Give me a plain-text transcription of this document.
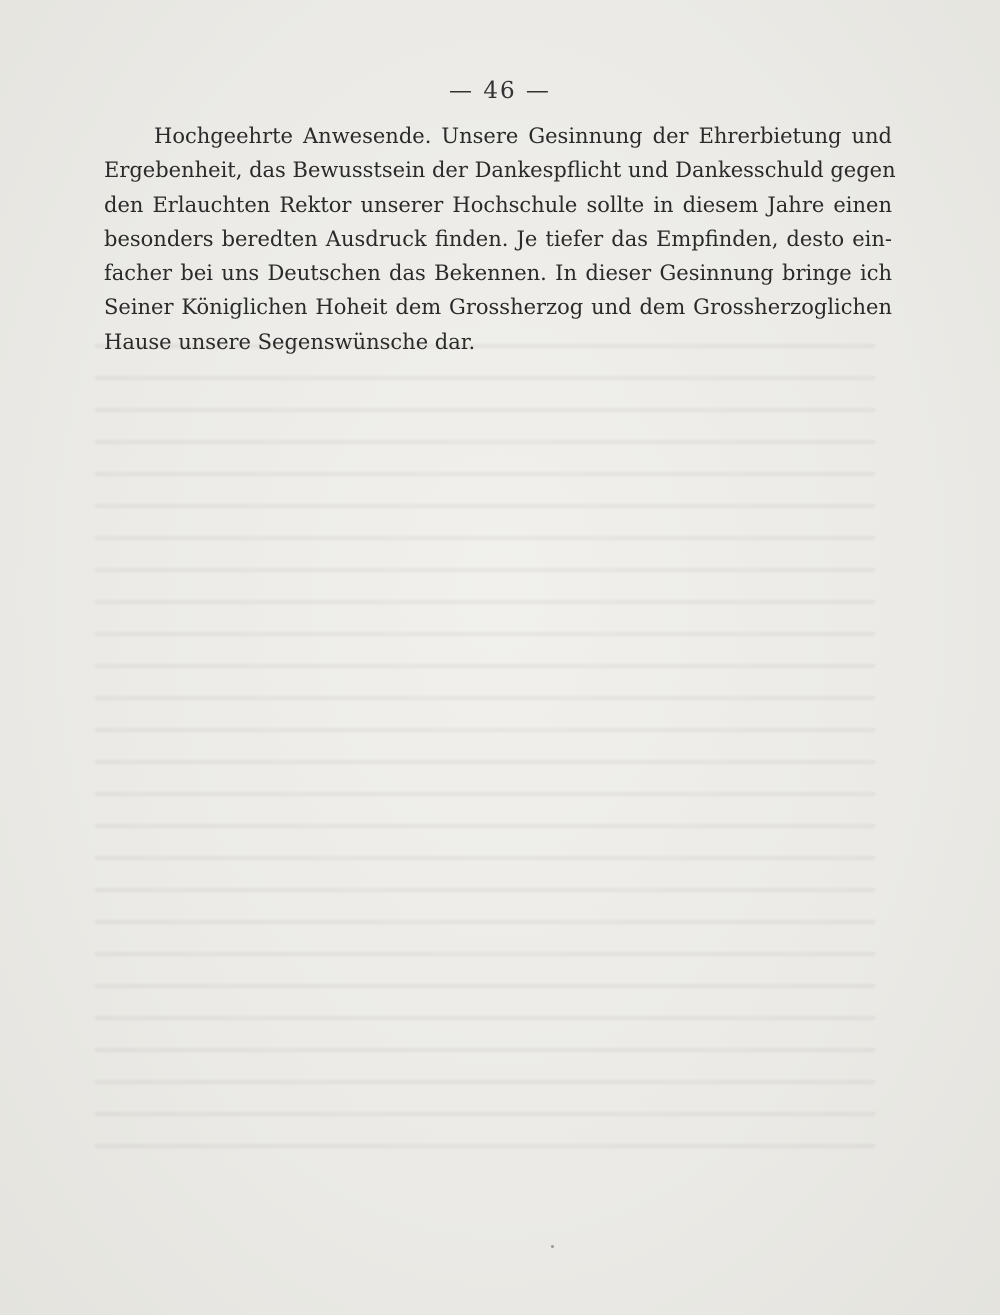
— 46 —
Hochgeehrte Anwesende. Unsere Gesinnung der Ehrerbietung und
Ergebenheit, das Bewusstsein der Dankespflicht und Dankesschuld gegen
den Erlauchten Rektor unserer Hochschule sollte in diesem Jahre einen
besonders beredten Ausdruck finden. Je tiefer das Empfinden, desto ein-
facher bei uns Deutschen das Bekennen. In dieser Gesinnung bringe ich
Seiner Königlichen Hoheit dem Grossherzog und dem Grossherzoglichen
Hause unsere Segenswünsche dar.
